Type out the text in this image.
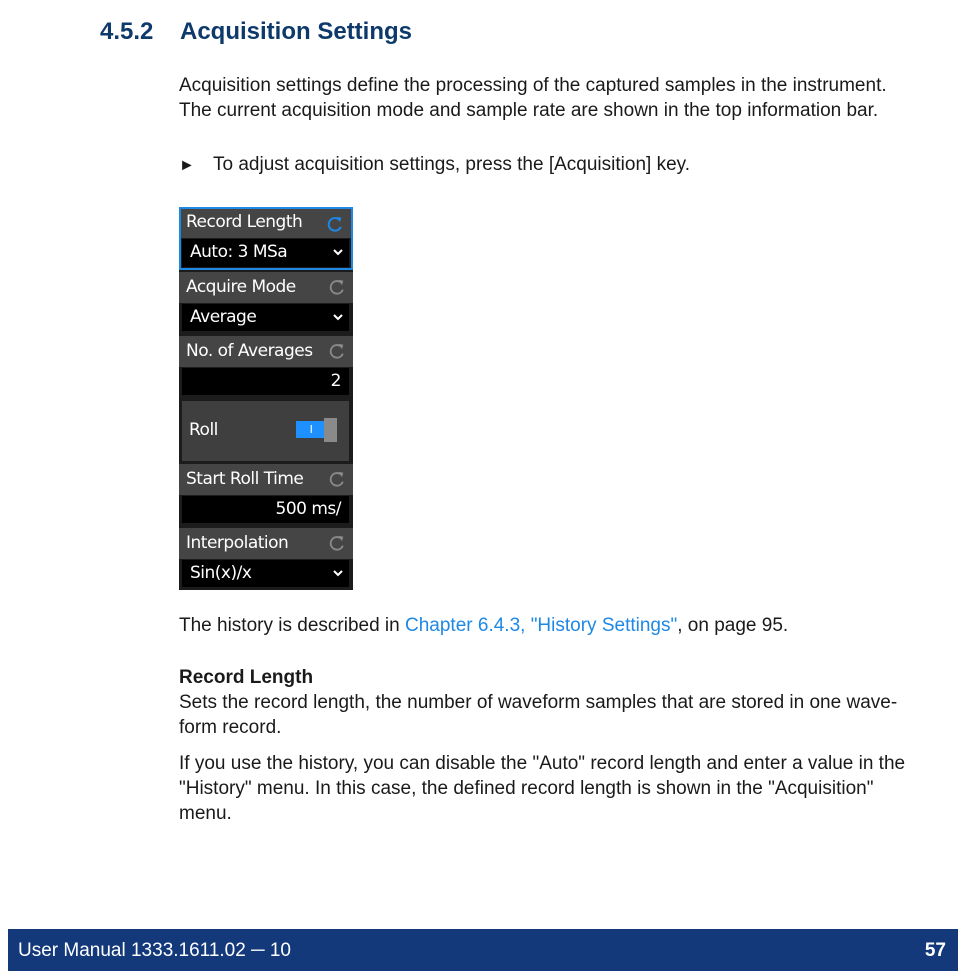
4.5.2 Acquisition Settings

Acquisition settings define the processing of the captured samples in the instrument.
The current acquisition mode and sample rate are shown in the top information bar.

► To adjust acquisition settings, press the [Acquisition] key.

Record Length
Auto: 3 MSa
Acquire Mode
Average
No. of Averages
2
Roll	I
Start Roll Time
500 ms/
Interpolation
Sin(x)/x

The history is described in Chapter 6.4.3, "History Settings", on page 95.

Record Length

Sets the record length, the number of waveform samples that are stored in one wave-
form record.

If you use the history, you can disable the "Auto" record length and enter a value in the
"History" menu. In this case, the defined record length is shown in the "Acquisition"
menu.

User Manual 1333.1611.02 ─ 10	57
